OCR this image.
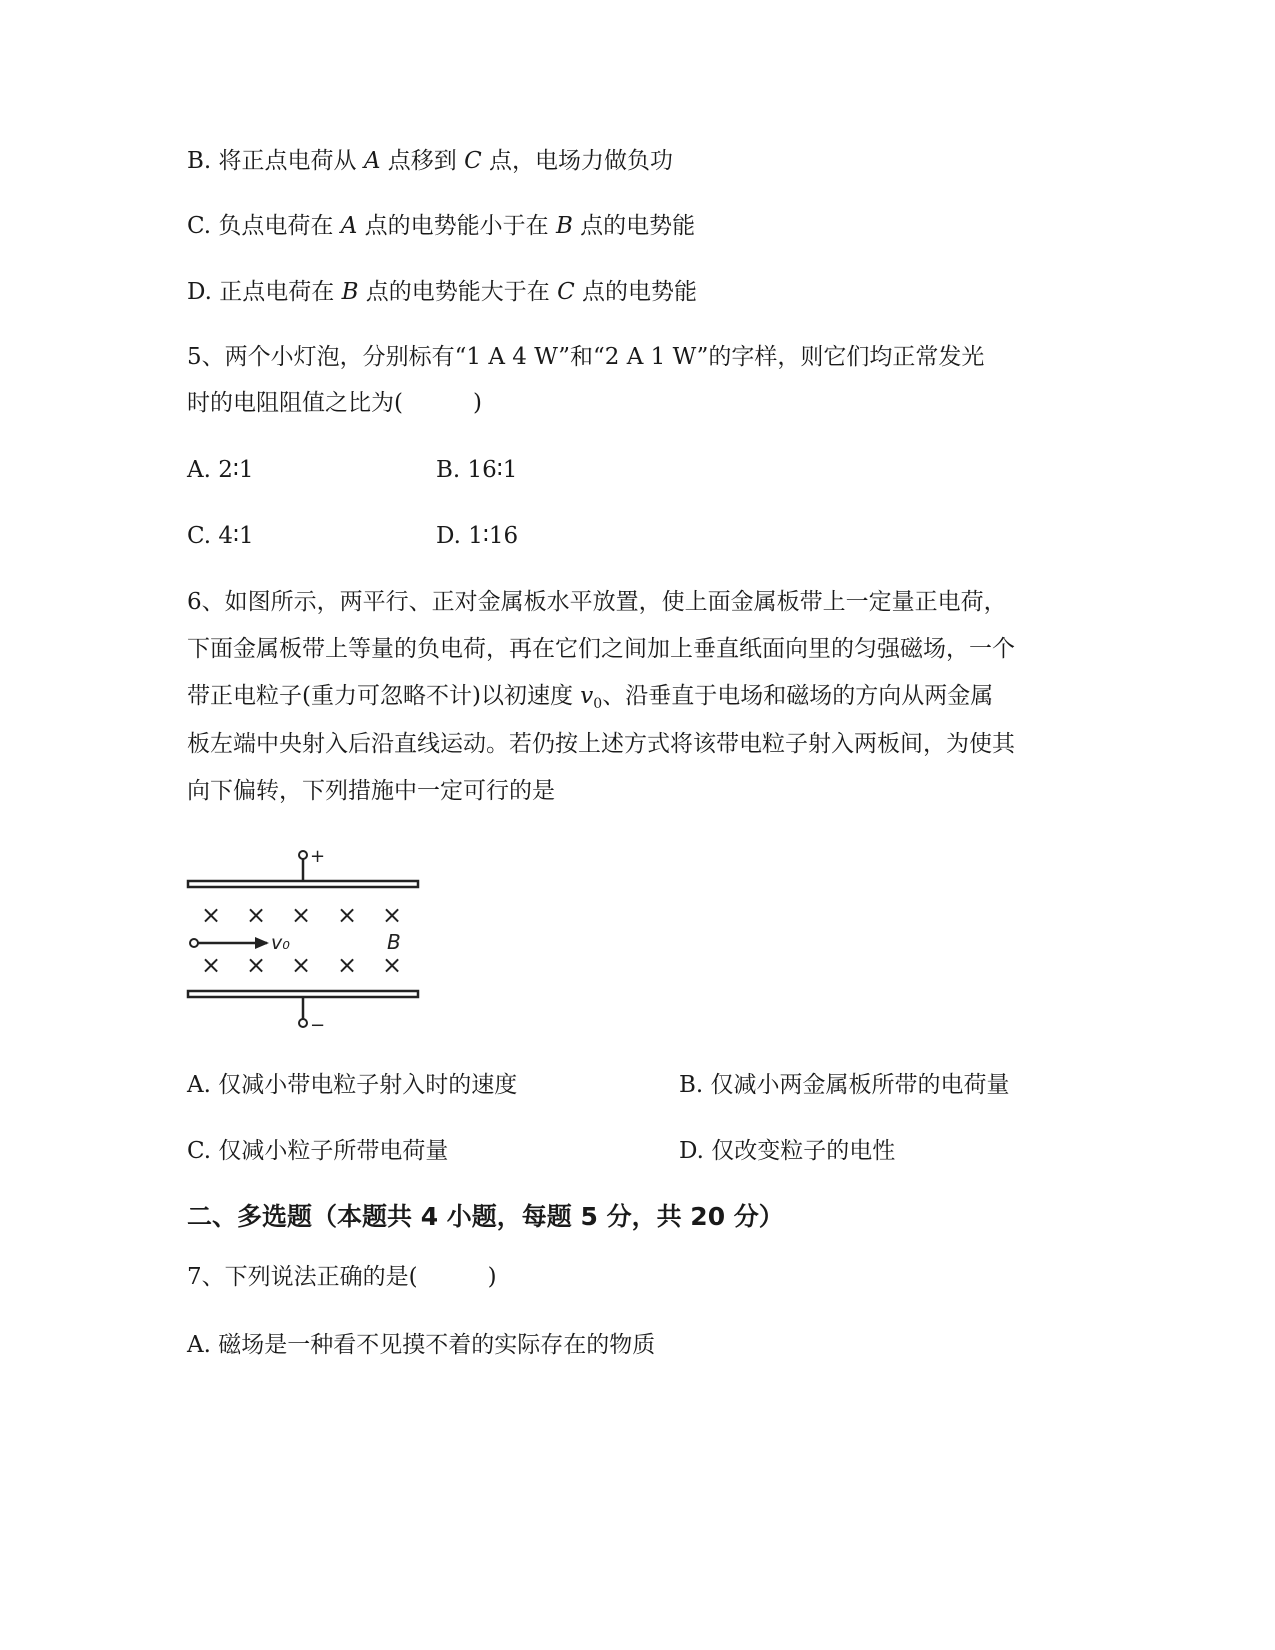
B. 将正点电荷从 A 点移到 C 点，电场力做负功
C. 负点电荷在 A 点的电势能小于在 B 点的电势能
D. 正点电荷在 B 点的电势能大于在 C 点的电势能
5、两个小灯泡，分别标有“1 A 4 W”和“2 A 1 W”的字样，则它们均正常发光
时的电阻阻值之比为(	)
A. 2∶1	B. 16∶1
C. 4∶1	D. 1∶16
6、如图所示，两平行、正对金属板水平放置，使上面金属板带上一定量正电荷，
下面金属板带上等量的负电荷，再在它们之间加上垂直纸面向里的匀强磁场，一个
带正电粒子(重力可忽略不计)以初速度 $v_0$、沿垂直于电场和磁场的方向从两金属
板左端中央射入后沿直线运动。若仍按上述方式将该带电粒子射入两板间，为使其
向下偏转，下列措施中一定可行的是
+
× × × × ×
v₀	B
× × × × ×
−
A. 仅减小带电粒子射入时的速度	B. 仅减小两金属板所带的电荷量
C. 仅减小粒子所带电荷量	D. 仅改变粒子的电性
二、多选题（本题共 4 小题，每题 5 分，共 20 分）
7、下列说法正确的是(	)
A. 磁场是一种看不见摸不着的实际存在的物质
